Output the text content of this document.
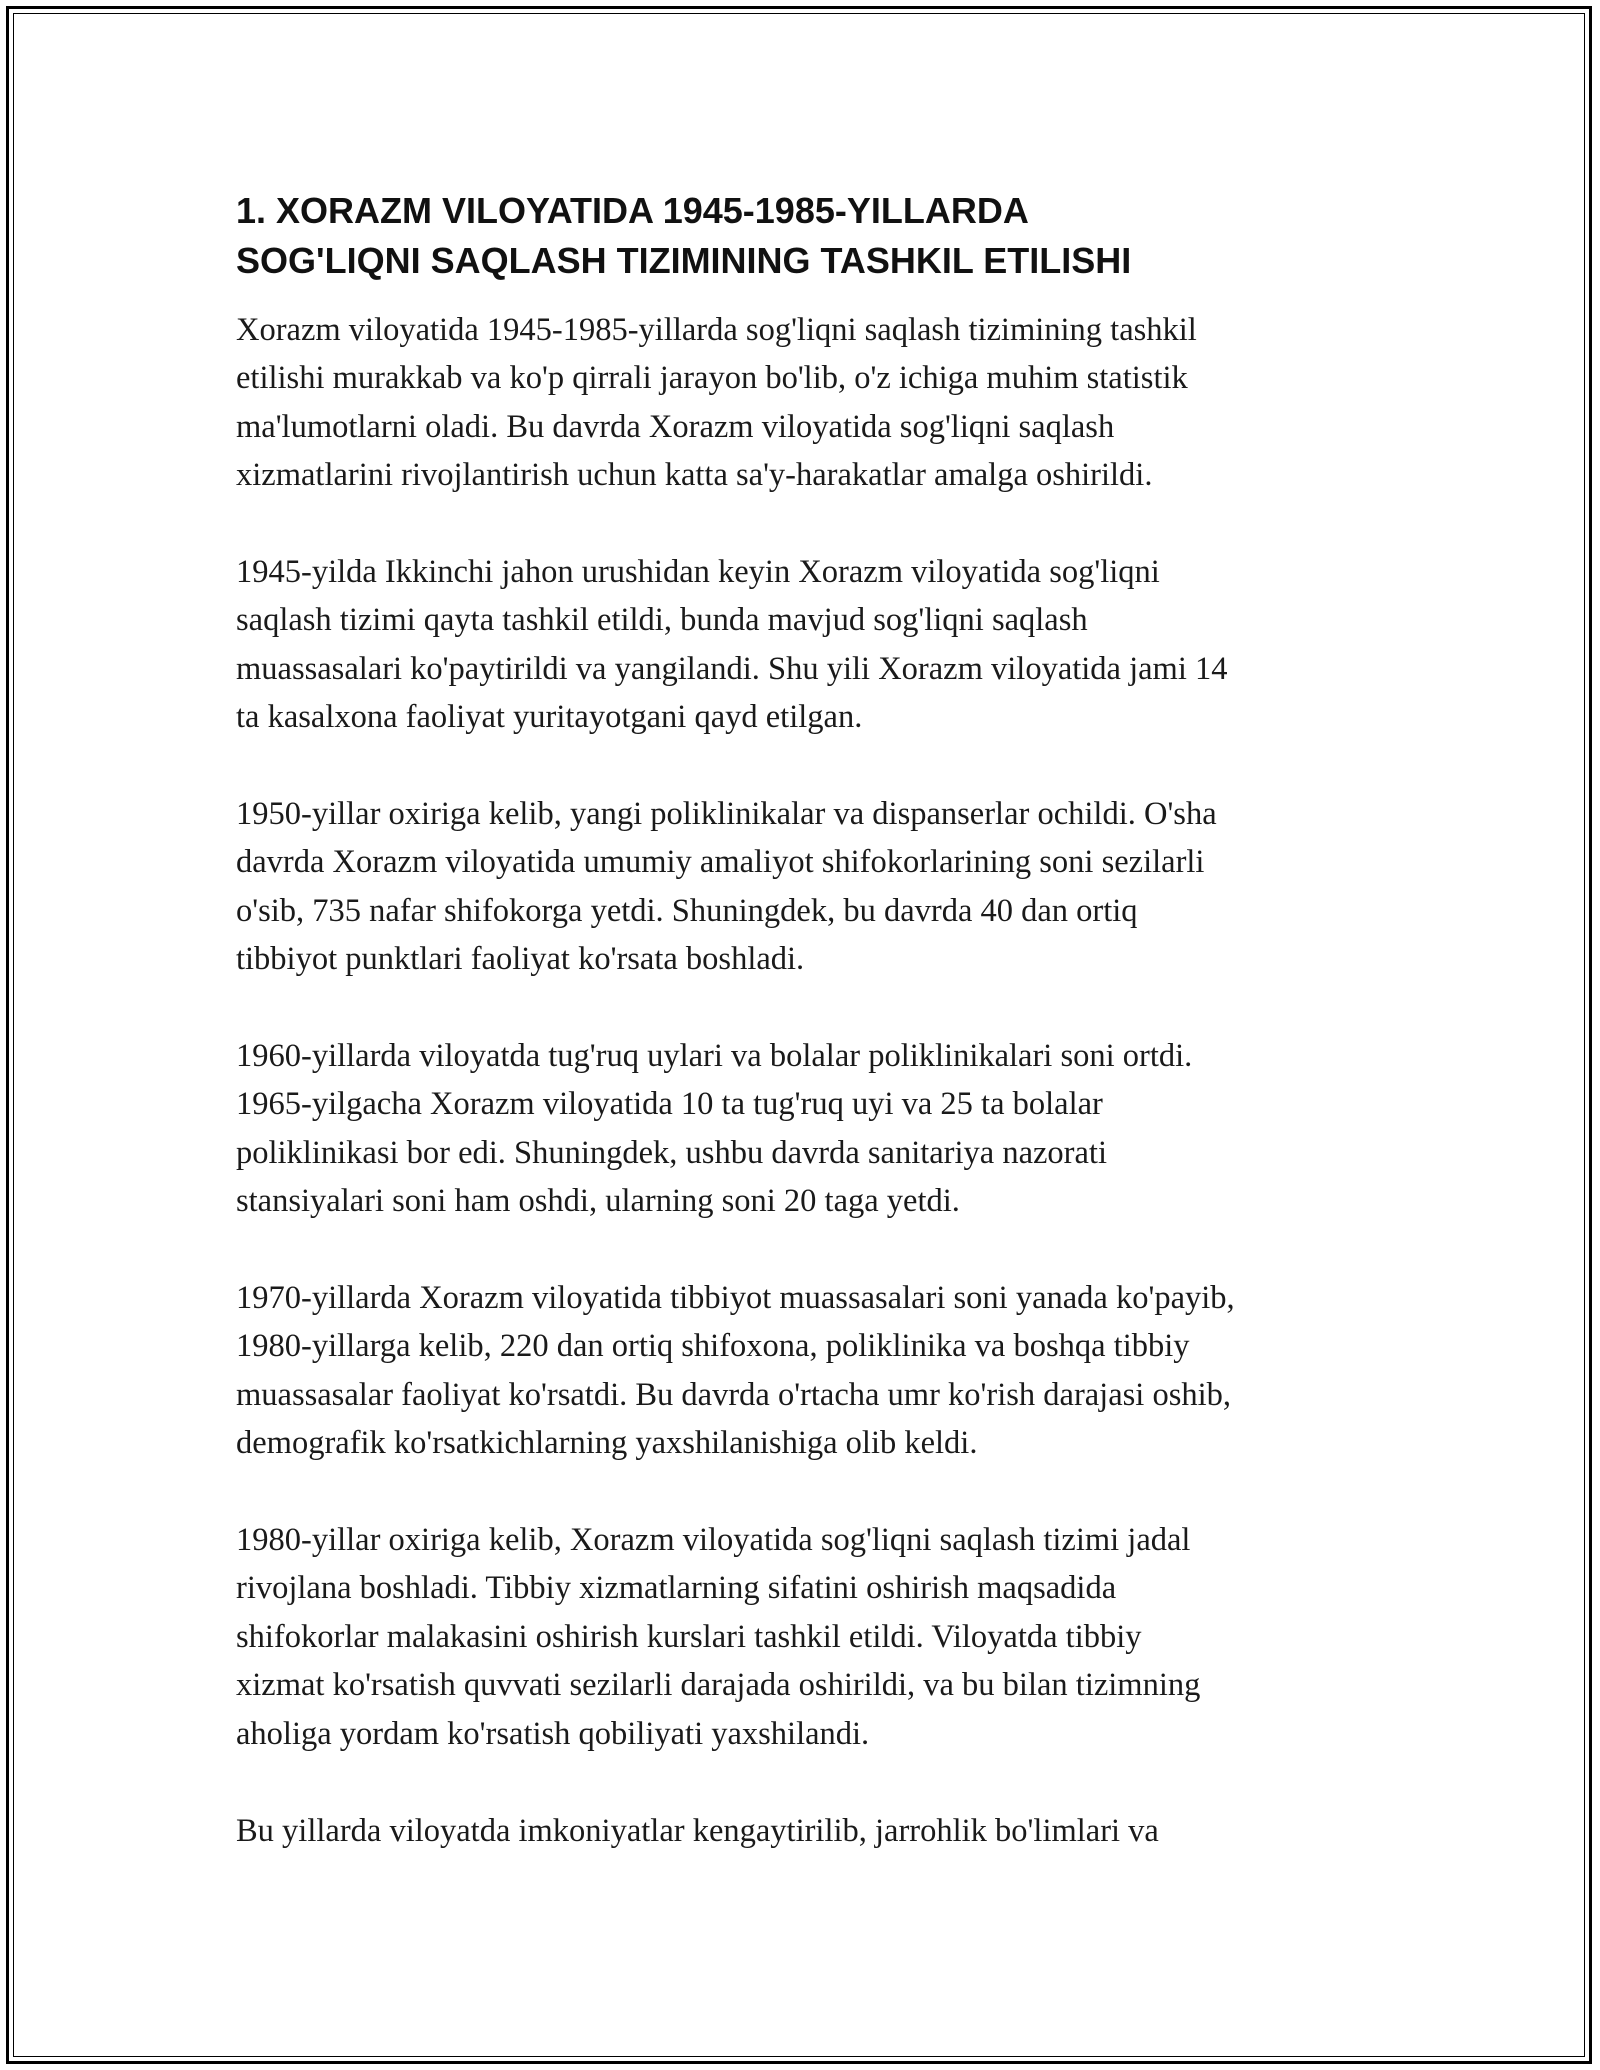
1. XORAZM VILOYATIDA 1945-1985-YILLARDA
SOG'LIQNI SAQLASH TIZIMINING TASHKIL ETILISHI
Xorazm viloyatida 1945-1985-yillarda sog'liqni saqlash tizimining tashkil
etilishi murakkab va ko'p qirrali jarayon bo'lib, o'z ichiga muhim statistik
ma'lumotlarni oladi. Bu davrda Xorazm viloyatida sog'liqni saqlash
xizmatlarini rivojlantirish uchun katta sa'y-harakatlar amalga oshirildi.
1945-yilda Ikkinchi jahon urushidan keyin Xorazm viloyatida sog'liqni
saqlash tizimi qayta tashkil etildi, bunda mavjud sog'liqni saqlash
muassasalari ko'paytirildi va yangilandi. Shu yili Xorazm viloyatida jami 14
ta kasalxona faoliyat yuritayotgani qayd etilgan.
1950-yillar oxiriga kelib, yangi poliklinikalar va dispanserlar ochildi. O'sha
davrda Xorazm viloyatida umumiy amaliyot shifokorlarining soni sezilarli
o'sib, 735 nafar shifokorga yetdi. Shuningdek, bu davrda 40 dan ortiq
tibbiyot punktlari faoliyat ko'rsata boshladi.
1960-yillarda viloyatda tug'ruq uylari va bolalar poliklinikalari soni ortdi.
1965-yilgacha Xorazm viloyatida 10 ta tug'ruq uyi va 25 ta bolalar
poliklinikasi bor edi. Shuningdek, ushbu davrda sanitariya nazorati
stansiyalari soni ham oshdi, ularning soni 20 taga yetdi.
1970-yillarda Xorazm viloyatida tibbiyot muassasalari soni yanada ko'payib,
1980-yillarga kelib, 220 dan ortiq shifoxona, poliklinika va boshqa tibbiy
muassasalar faoliyat ko'rsatdi. Bu davrda o'rtacha umr ko'rish darajasi oshib,
demografik ko'rsatkichlarning yaxshilanishiga olib keldi.
1980-yillar oxiriga kelib, Xorazm viloyatida sog'liqni saqlash tizimi jadal
rivojlana boshladi. Tibbiy xizmatlarning sifatini oshirish maqsadida
shifokorlar malakasini oshirish kurslari tashkil etildi. Viloyatda tibbiy
xizmat ko'rsatish quvvati sezilarli darajada oshirildi, va bu bilan tizimning
aholiga yordam ko'rsatish qobiliyati yaxshilandi.
Bu yillarda viloyatda imkoniyatlar kengaytirilib, jarrohlik bo'limlari va
